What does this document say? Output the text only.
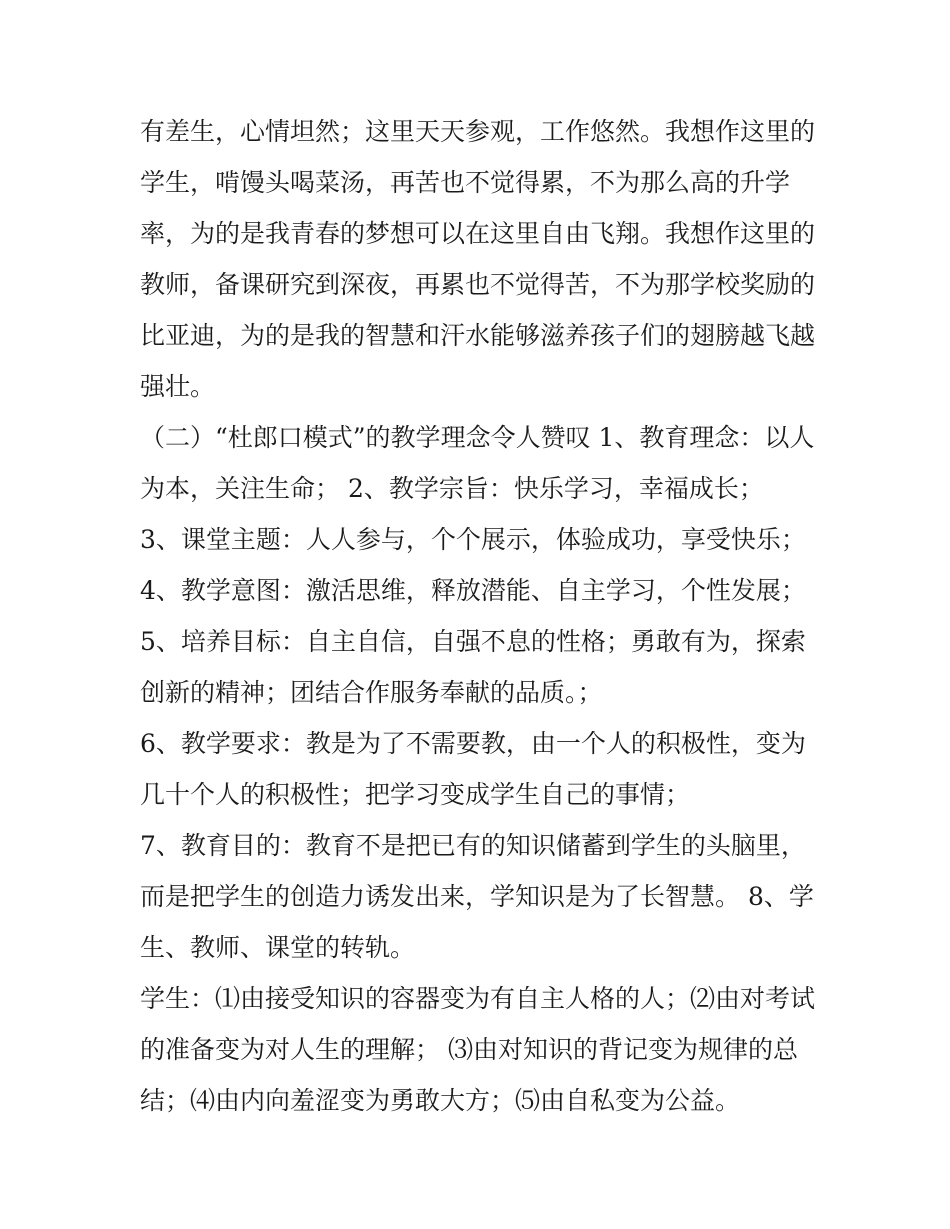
有差生，心情坦然；这里天天参观，工作悠然。我想作这里的
学生，啃馒头喝菜汤，再苦也不觉得累，不为那么高的升学
率，为的是我青春的梦想可以在这里自由飞翔。我想作这里的
教师，备课研究到深夜，再累也不觉得苦，不为那学校奖励的
比亚迪，为的是我的智慧和汗水能够滋养孩子们的翅膀越飞越
强壮。
（二）“杜郎口模式”的教学理念令人赞叹 1、教育理念：以人
为本，关注生命； 2、教学宗旨：快乐学习，幸福成长；
3、课堂主题：人人参与，个个展示，体验成功，享受快乐；
4、教学意图：激活思维，释放潜能、自主学习，个性发展；
5、培养目标：自主自信，自强不息的性格；勇敢有为，探索
创新的精神；团结合作服务奉献的品质。；
6、教学要求：教是为了不需要教，由一个人的积极性，变为
几十个人的积极性；把学习变成学生自己的事情；
7、教育目的：教育不是把已有的知识储蓄到学生的头脑里，
而是把学生的创造力诱发出来，学知识是为了长智慧。 8、学
生、教师、课堂的转轨。
学生：⑴由接受知识的容器变为有自主人格的人；⑵由对考试
的准备变为对人生的理解； ⑶由对知识的背记变为规律的总
结；⑷由内向羞涩变为勇敢大方；⑸由自私变为公益。
